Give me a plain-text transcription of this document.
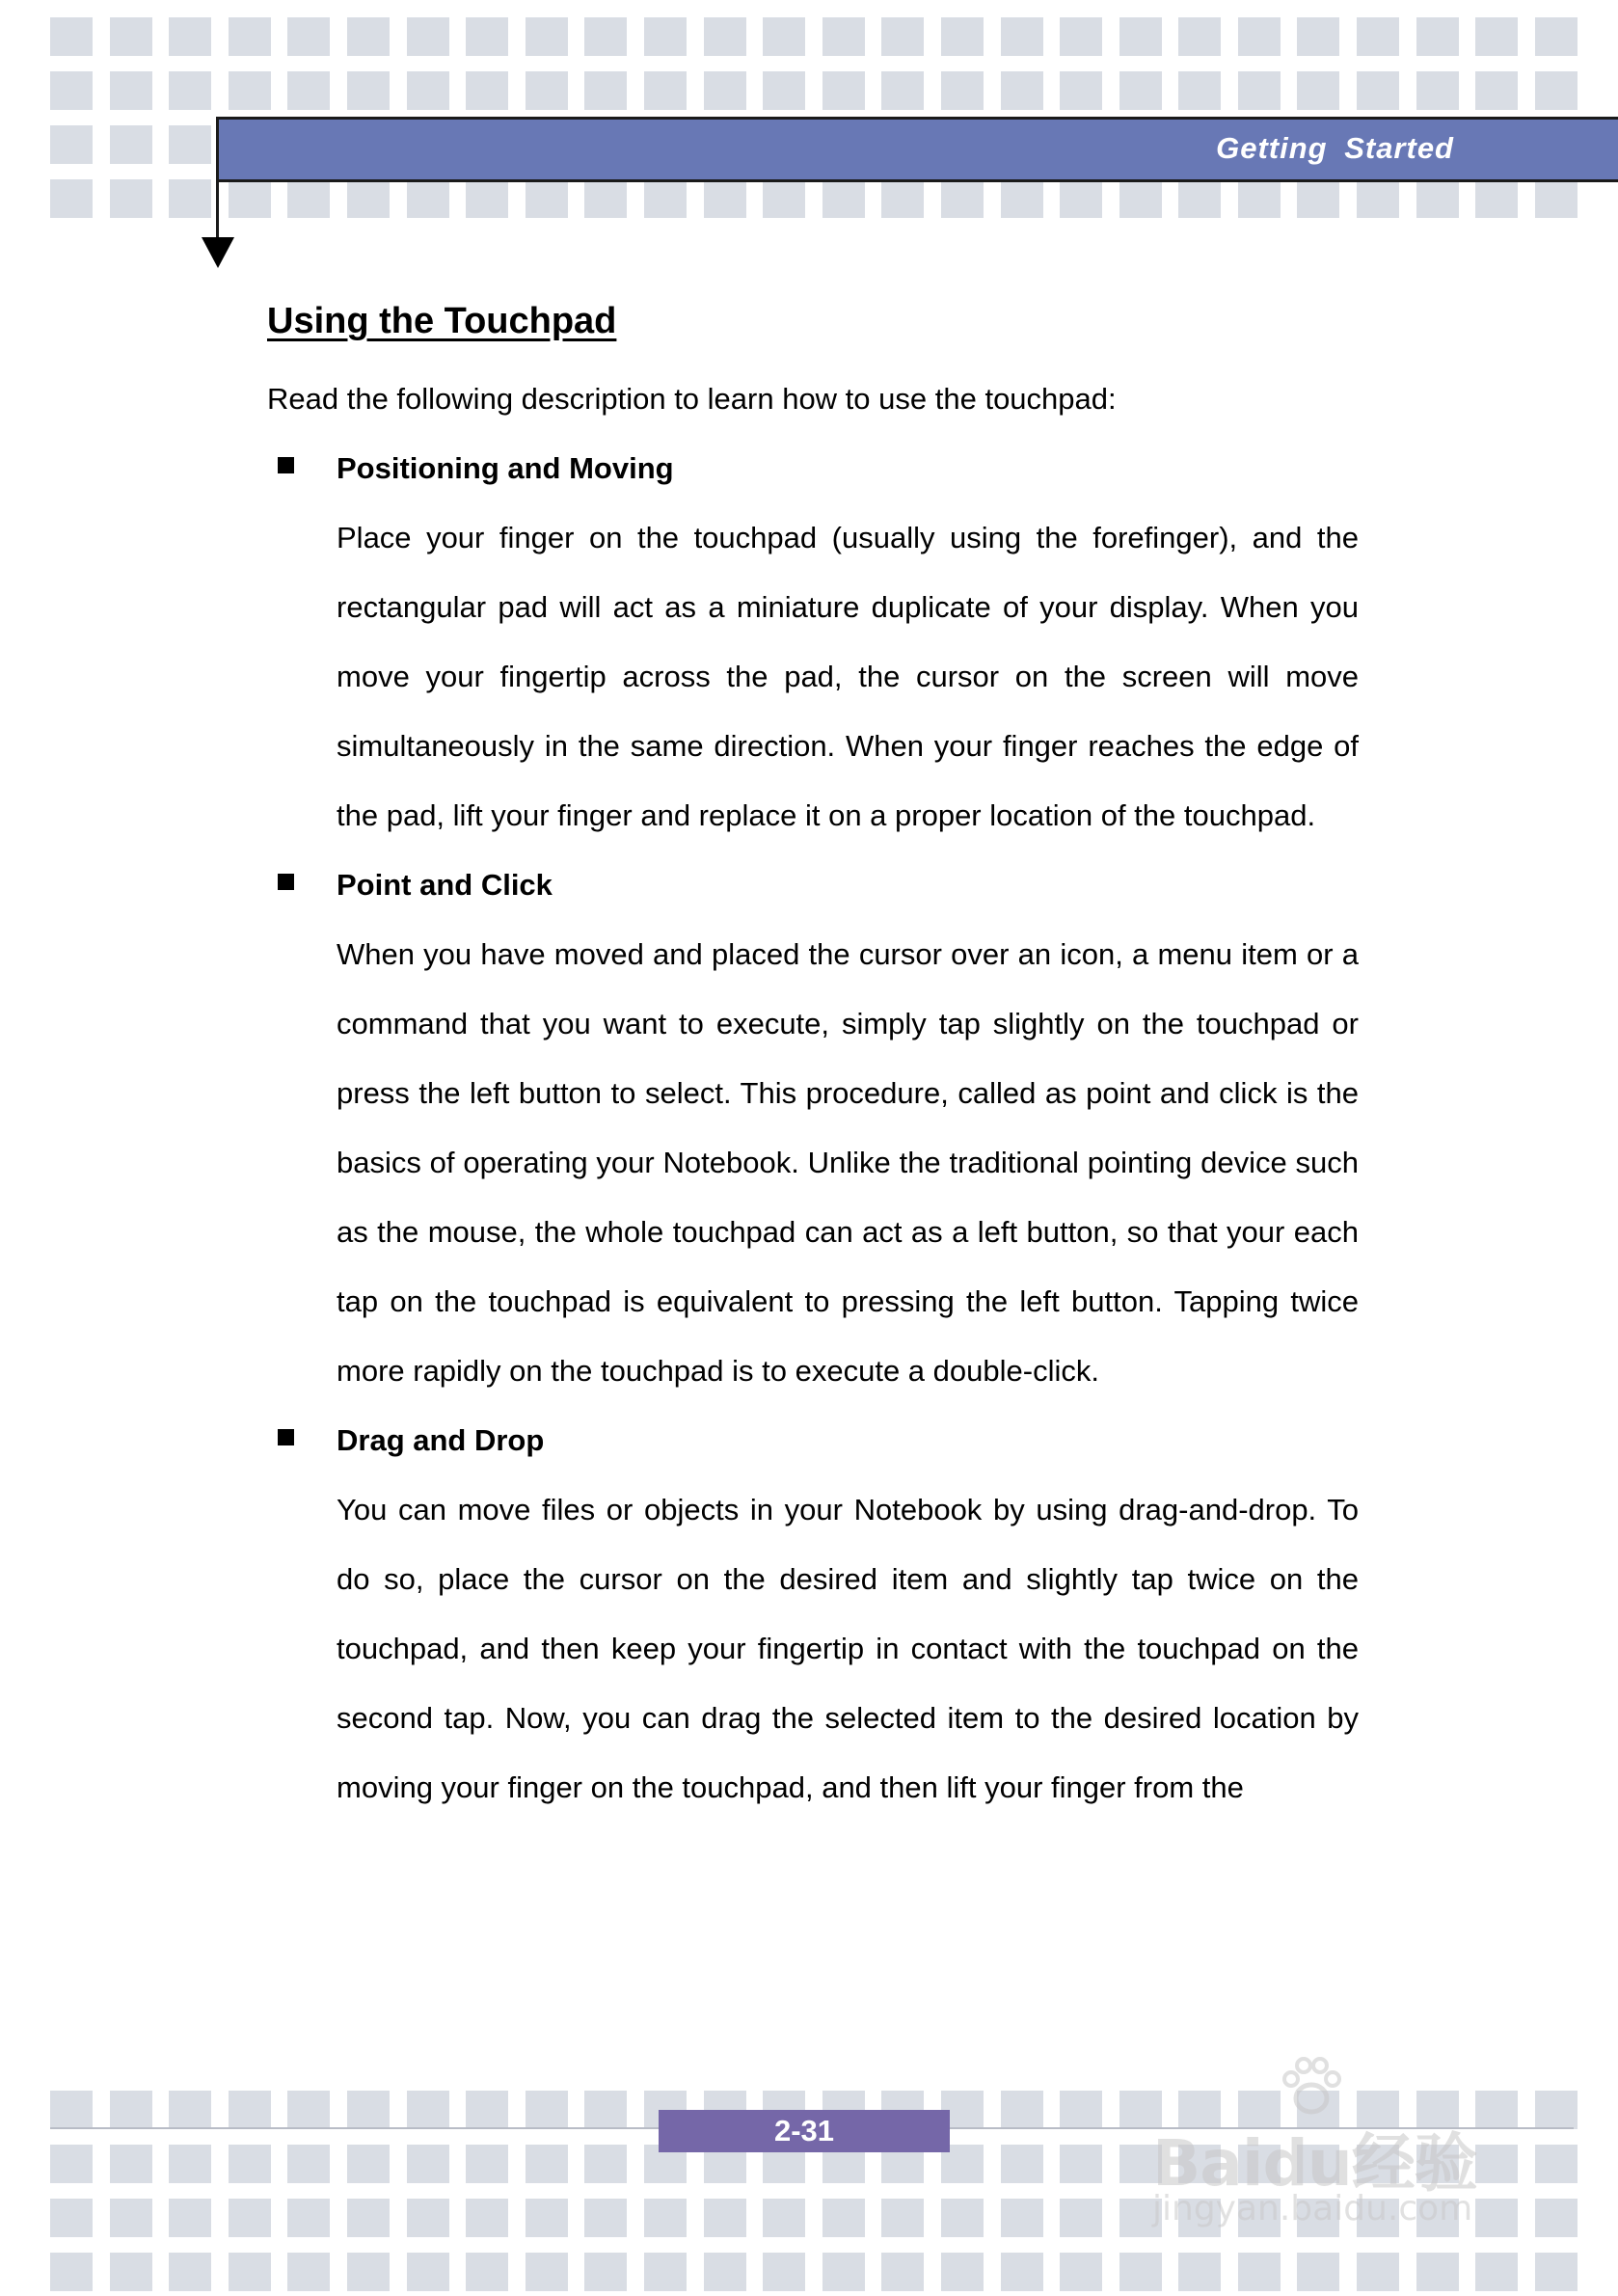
Getting Started
Using the Touchpad

Read the following description to learn how to use the touchpad:

Positioning and Moving

Place your finger on the touchpad (usually using the forefinger), and the rectangular pad will act as a miniature duplicate of your display. When you move your fingertip across the pad, the cursor on the screen will move simultaneously in the same direction. When your finger reaches the edge of the pad, lift your finger and replace it on a proper location of the touchpad.

Point and Click

When you have moved and placed the cursor over an icon, a menu item or a command that you want to execute, simply tap slightly on the touchpad or press the left button to select. This procedure, called as point and click is the basics of operating your Notebook. Unlike the traditional pointing device such as the mouse, the whole touchpad can act as a left button, so that your each tap on the touchpad is equivalent to pressing the left button. Tapping twice more rapidly on the touchpad is to execute a double-click.

Drag and Drop

You can move files or objects in your Notebook by using drag-and-drop. To do so, place the cursor on the desired item and slightly tap twice on the touchpad, and then keep your fingertip in contact with the touchpad on the second tap. Now, you can drag the selected item to the desired location by moving your finger on the touchpad, and then lift your finger from the

2-31	Baidu经验
jingyan.baidu.com
